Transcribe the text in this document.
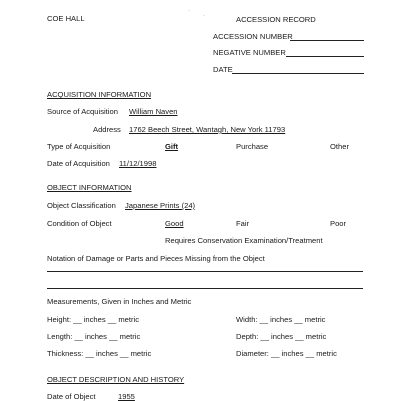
·
·
COE HALL	ACCESSION RECORD
ACCESSION NUMBER
NEGATIVE NUMBER
DATE
ACQUISITION INFORMATION
Source of Acquisition William Naven
Address 1762 Beech Street, Wantagh, New York 11793
Type of Acquisition	Gift	Purchase	Other
Date of Acquisition 11/12/1998
OBJECT INFORMATION
Object Classification Japanese Prints (24)
Condition of Object	Good	Fair	Poor
Requires Conservation Examination/Treatment
Notation of Damage or Parts and Pieces Missing from the Object
Measurements, Given in Inches and Metric
Height: __ inches __ metric	Width: __ inches __ metric
Length: __ inches __ metric	Depth: __ inches __ metric
Thickness: __ inches __ metric	Diameter: __ inches __ metric
OBJECT DESCRIPTION AND HISTORY
Date of Object	1955
